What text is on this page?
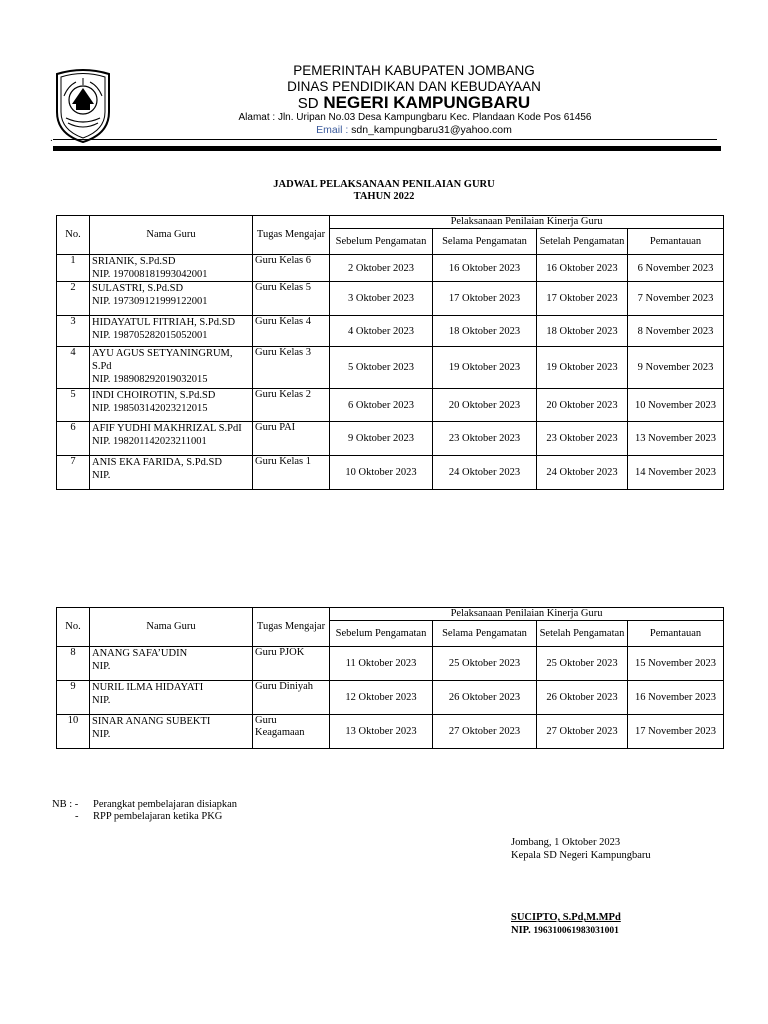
PEMERINTAH KABUPATEN JOMBANG
DINAS PENDIDIKAN DAN KEBUDAYAAN
SD NEGERI KAMPUNGBARU
Alamat : Jln. Uripan No.03 Desa Kampungbaru Kec. Plandaan Kode Pos 61456
Email : sdn_kampungbaru31@yahoo.com
.
JADWAL PELAKSANAAN PENILAIAN GURU
TAHUN 2022
No.	Nama Guru	Tugas Mengajar	Pelaksanaan Penilaian Kinerja Guru			
			Sebelum Pengamatan	Selama Pengamatan	Setelah Pengamatan	Pemantauan
1	SRIANIK, S.Pd.SD
NIP. 197008181993042001	Guru Kelas 6	2 Oktober 2023	16 Oktober 2023	16 Oktober 2023	6 November 2023
2	SULASTRI, S.Pd.SD
NIP. 197309121999122001	Guru Kelas 5	3 Oktober 2023	17 Oktober 2023	17 Oktober 2023	7 November 2023
3	HIDAYATUL FITRIAH, S.Pd.SD
NIP. 198705282015052001	Guru Kelas 4	4 Oktober 2023	18 Oktober 2023	18 Oktober 2023	8 November 2023
4	AYU AGUS SETYANINGRUM,
S.Pd
NIP. 198908292019032015	Guru Kelas 3	5 Oktober 2023	19 Oktober 2023	19 Oktober 2023	9 November 2023
5	INDI CHOIROTIN, S.Pd.SD
NIP. 198503142023212015	Guru Kelas 2	6 Oktober 2023	20 Oktober 2023	20 Oktober 2023	10 November 2023
6	AFIF YUDHI MAKHRIZAL S.PdI
NIP. 198201142023211001	Guru PAI	9 Oktober 2023	23 Oktober 2023	23 Oktober 2023	13 November 2023
7	ANIS EKA FARIDA, S.Pd.SD
NIP.	Guru Kelas 1	10 Oktober 2023	24 Oktober 2023	24 Oktober 2023	14 November 2023
No.	Nama Guru	Tugas Mengajar	Pelaksanaan Penilaian Kinerja Guru			
			Sebelum Pengamatan	Selama Pengamatan	Setelah Pengamatan	Pemantauan
8	ANANG SAFA’UDIN
NIP.	Guru PJOK	11 Oktober 2023	25 Oktober 2023	25 Oktober 2023	15 November 2023
9	NURIL ILMA HIDAYATI
NIP.	Guru Diniyah	12 Oktober 2023	26 Oktober 2023	26 Oktober 2023	16 November 2023
10	SINAR ANANG SUBEKTI
NIP.	Guru
Keagamaan	13 Oktober 2023	27 Oktober 2023	27 Oktober 2023	17 November 2023
NB : -
-
Perangkat pembelajaran disiapkan
RPP pembelajaran ketika PKG
Jombang, 1 Oktober 2023
Kepala SD Negeri Kampungbaru
SUCIPTO, S.Pd,M.MPd
NIP. 196310061983031001
